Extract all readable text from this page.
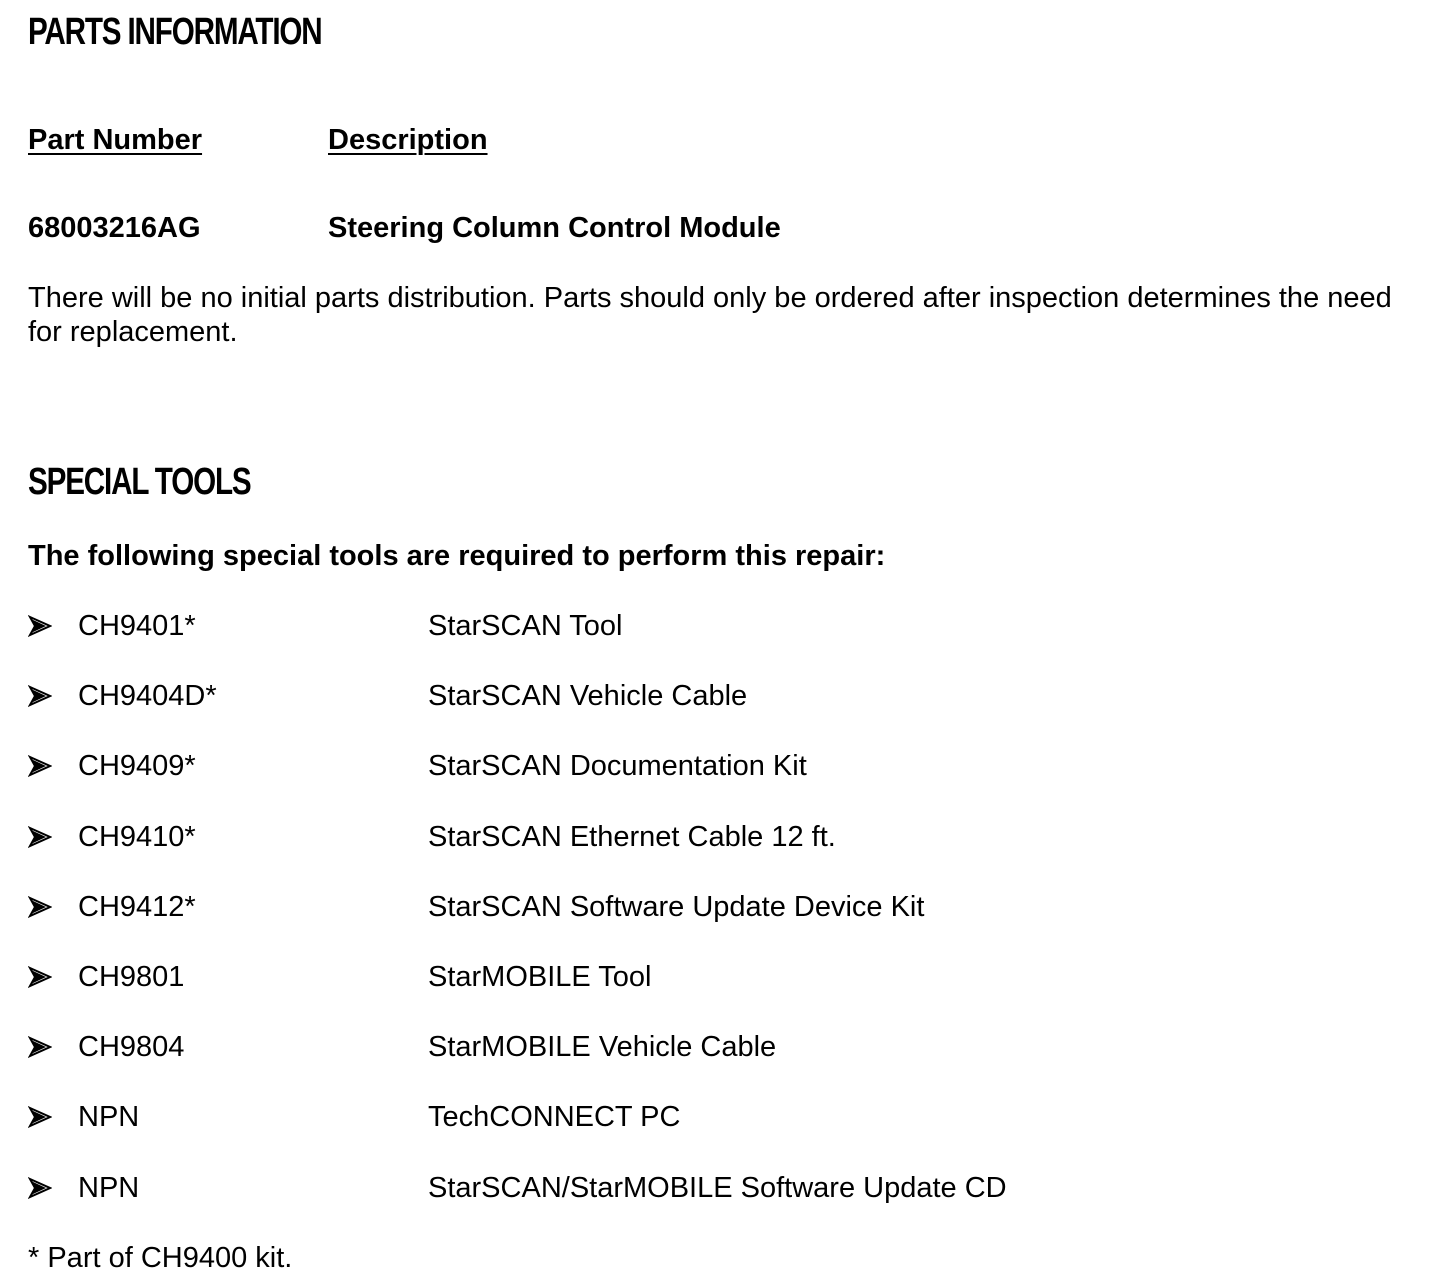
PARTS INFORMATION
Part Number	Description
68003216AG	Steering Column Control Module
There will be no initial parts distribution. Parts should only be ordered after inspection determines the need for replacement.
SPECIAL TOOLS
The following special tools are required to perform this repair:
CH9401*	StarSCAN Tool
CH9404D*	StarSCAN Vehicle Cable
CH9409*	StarSCAN Documentation Kit
CH9410*	StarSCAN Ethernet Cable 12 ft.
CH9412*	StarSCAN Software Update Device Kit
CH9801	StarMOBILE Tool
CH9804	StarMOBILE Vehicle Cable
NPN	TechCONNECT PC
NPN	StarSCAN/StarMOBILE Software Update CD
* Part of CH9400 kit.
